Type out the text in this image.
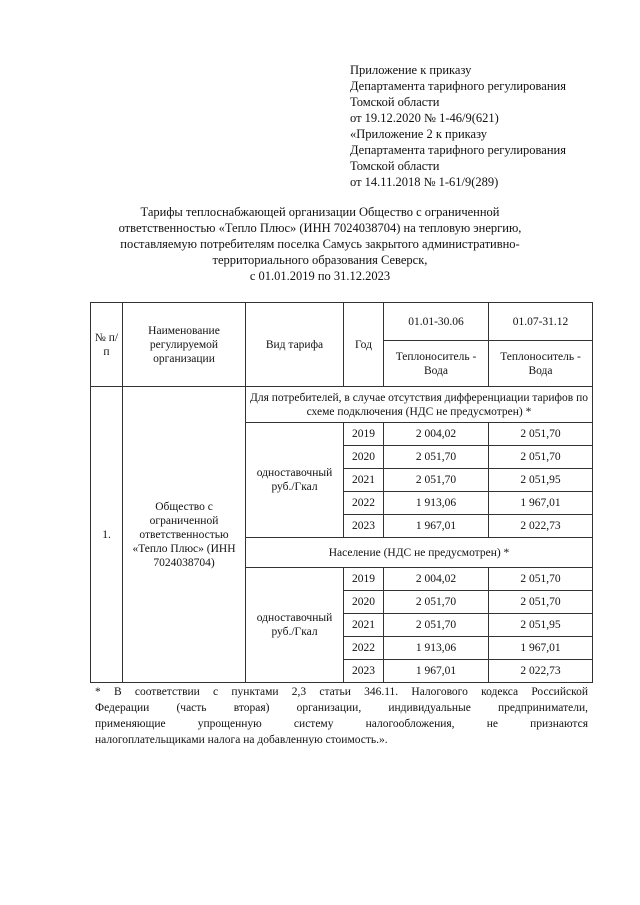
Приложение к приказу
Департамента тарифного регулирования
Томской области
от 19.12.2020 № 1-46/9(621)
«Приложение 2 к приказу
Департамента тарифного регулирования
Томской области
от 14.11.2018 № 1-61/9(289)
Тарифы теплоснабжающей организации Общество с ограниченной
ответственностью «Тепло Плюс» (ИНН 7024038704) на тепловую энергию,
поставляемую потребителям поселка Самусь закрытого административно-
территориального образования Северск,
с 01.01.2019 по 31.12.2023
№ п/п	Наименование регулируемой организации	Вид тарифа	Год	01.01-30.06	01.07-31.12
				Теплоноситель - Вода	Теплоноситель - Вода
1.	Общество с ограниченной ответственностью «Тепло Плюс» (ИНН 7024038704)	Для потребителей, в случае отсутствия дифференциации тарифов по схеме подключения (НДС не предусмотрен) *			
		одноставочный руб./Гкал	2019	2 004,02	2 051,70
			2020	2 051,70	2 051,70
			2021	2 051,70	2 051,95
			2022	1 913,06	1 967,01
			2023	1 967,01	2 022,73
		Население (НДС не предусмотрен) *			
		одноставочный руб./Гкал	2019	2 004,02	2 051,70
			2020	2 051,70	2 051,70
			2021	2 051,70	2 051,95
			2022	1 913,06	1 967,01
			2023	1 967,01	2 022,73

* В соответствии с пунктами 2,3 статьи 346.11. Налогового кодекса Российской

Федерации (часть вторая) организации, индивидуальные предприниматели,

применяющие упрощенную систему налогообложения, не признаются

налогоплательщиками налога на добавленную стоимость.».
